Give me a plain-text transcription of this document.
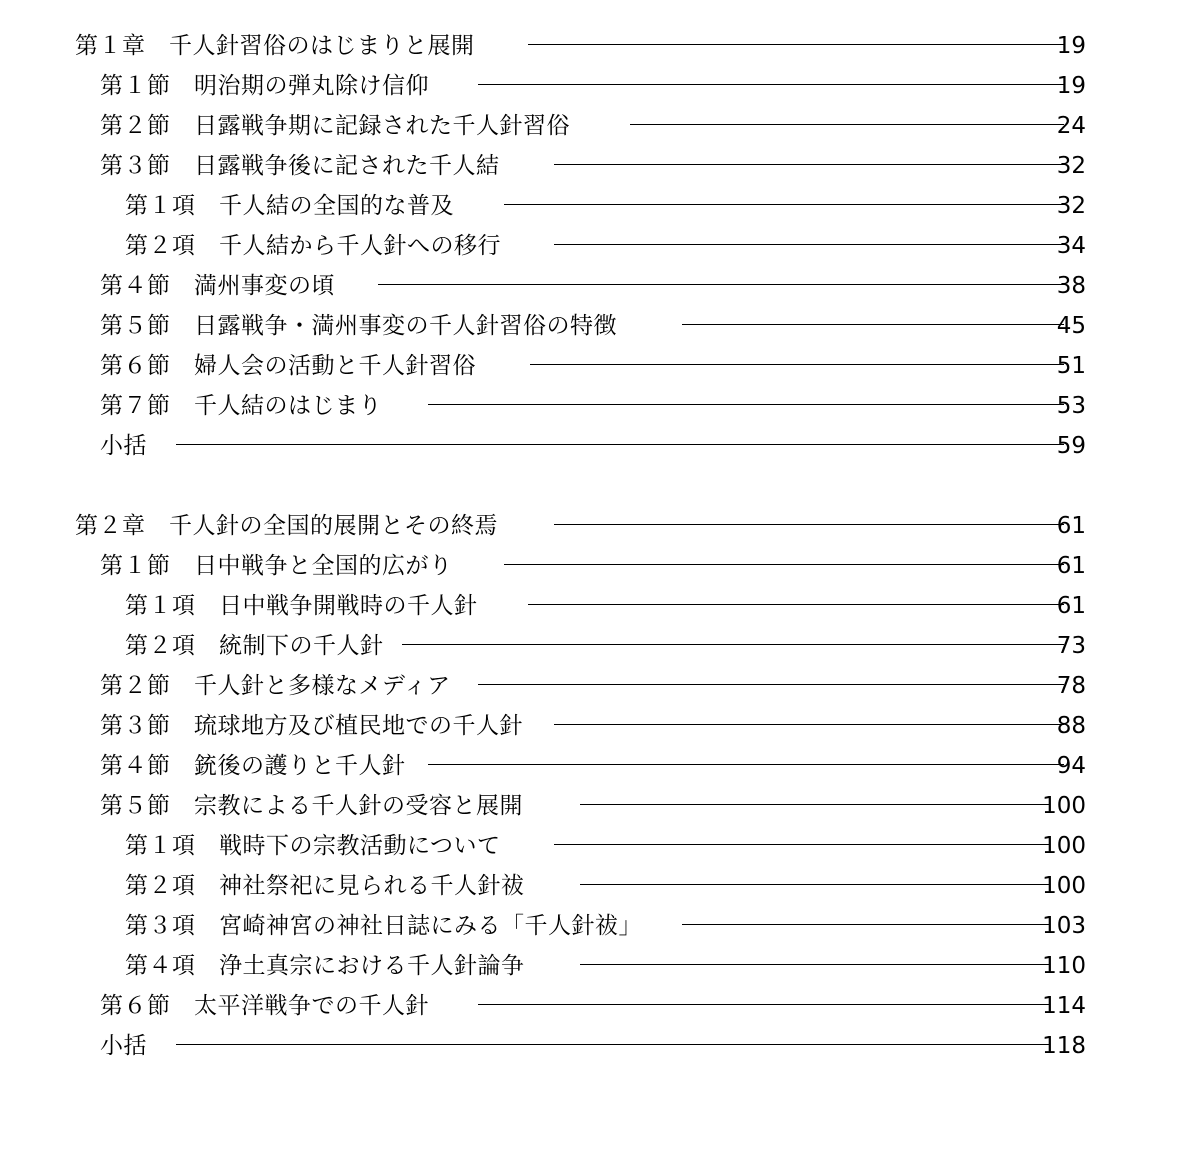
第１章　千人針習俗のはじまりと展開	19
第１節　明治期の弾丸除け信仰	19
第２節　日露戦争期に記録された千人針習俗	24
第３節　日露戦争後に記された千人結	32
第１項　千人結の全国的な普及	32
第２項　千人結から千人針への移行	34
第４節　満州事変の頃	38
第５節　日露戦争・満州事変の千人針習俗の特徴	45
第６節　婦人会の活動と千人針習俗	51
第７節　千人結のはじまり	53
小括	59
第２章　千人針の全国的展開とその終焉	61
第１節　日中戦争と全国的広がり	61
第１項　日中戦争開戦時の千人針	61
第２項　統制下の千人針	73
第２節　千人針と多様なメディア	78
第３節　琉球地方及び植民地での千人針	88
第４節　銃後の護りと千人針	94
第５節　宗教による千人針の受容と展開	100
第１項　戦時下の宗教活動について	100
第２項　神社祭祀に見られる千人針祓	100
第３項　宮崎神宮の神社日誌にみる「千人針祓」	103
第４項　浄土真宗における千人針論争	110
第６節　太平洋戦争での千人針	114
小括	118
